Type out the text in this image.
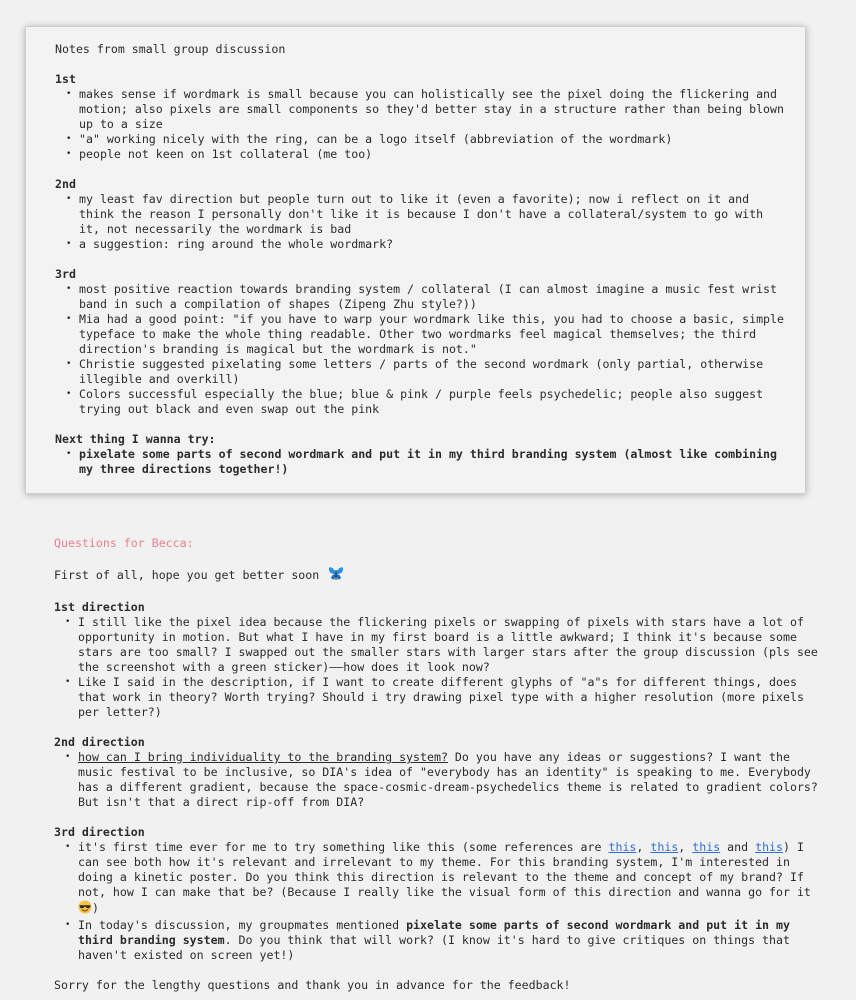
Notes from small group discussion

1st
• makes sense if wordmark is small because you can holistically see the pixel doing the flickering and motion; also pixels are small components so they'd better stay in a structure rather than being blown up to a size
• "a" working nicely with the ring, can be a logo itself (abbreviation of the wordmark)
• people not keen on 1st collateral (me too)
2nd
• my least fav direction but people turn out to like it (even a favorite); now i reflect on it and think the reason I personally don't like it is because I don't have a collateral/system to go with it, not necessarily the wordmark is bad
• a suggestion: ring around the whole wordmark?
3rd
• most positive reaction towards branding system / collateral (I can almost imagine a music fest wrist band in such a compilation of shapes (Zipeng Zhu style?))
• Mia had a good point: "if you have to warp your wordmark like this, you had to choose a basic, simple typeface to make the whole thing readable. Other two wordmarks feel magical themselves; the third direction's branding is magical but the wordmark is not."
• Christie suggested pixelating some letters / parts of the second wordmark (only partial, otherwise illegible and overkill)
• Colors successful especially the blue; blue & pink / purple feels psychedelic; people also suggest trying out black and even swap out the pink
Next thing I wanna try:
• pixelate some parts of second wordmark and put it in my third branding system (almost like combining my three directions together!)

Questions for Becca:

First of all, hope you get better soon

1st direction
• I still like the pixel idea because the flickering pixels or swapping of pixels with stars have a lot of opportunity in motion. But what I have in my first board is a little awkward; I think it's because some stars are too small? I swapped out the smaller stars with larger stars after the group discussion (pls see the screenshot with a green sticker)——how does it look now?
• Like I said in the description, if I want to create different glyphs of "a"s for different things, does that work in theory? Worth trying? Should i try drawing pixel type with a higher resolution (more pixels per letter?)
2nd direction
• how can I bring individuality to the branding system? Do you have any ideas or suggestions? I want the music festival to be inclusive, so DIA's idea of "everybody has an identity" is speaking to me. Everybody has a different gradient, because the space-cosmic-dream-psychedelics theme is related to gradient colors? But isn't that a direct rip-off from DIA?
3rd direction
• it's first time ever for me to try something like this (some references are this, this, this and this) I can see both how it's relevant and irrelevant to my theme. For this branding system, I'm interested in doing a kinetic poster. Do you think this direction is relevant to the theme and concept of my brand? If not, how I can make that be? (Because I really like the visual form of this direction and wanna go for it )
• In today's discussion, my groupmates mentioned pixelate some parts of second wordmark and put it in my third branding system. Do you think that will work? (I know it's hard to give critiques on things that haven't existed on screen yet!)

Sorry for the lengthy questions and thank you in advance for the feedback!
